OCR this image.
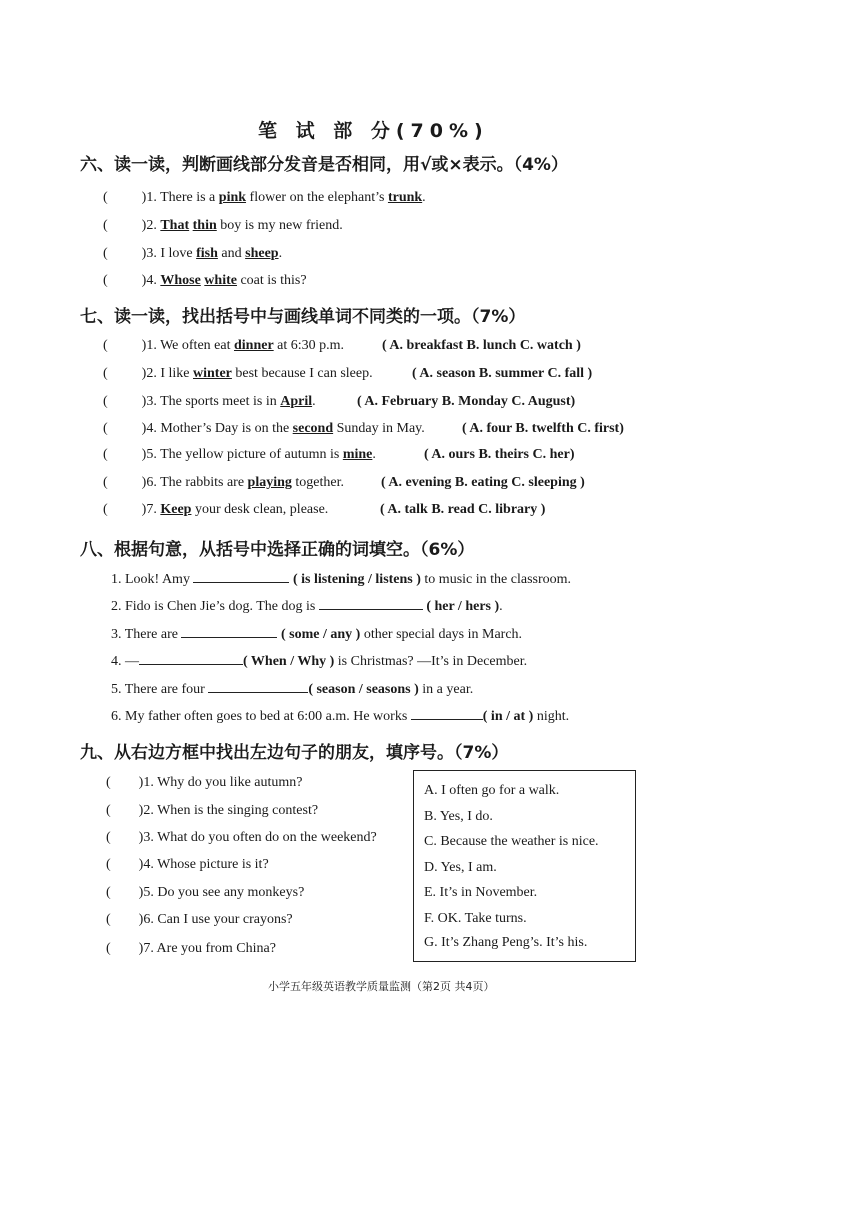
笔 试 部 分(70%)
六、读一读，判断画线部分发音是否相同，用√或×表示。（4%）
( )1. There is a pink flower on the elephant’s trunk.
( )2. That thin boy is my new friend.
( )3. I love fish and sheep.
( )4. Whose white coat is this?
七、读一读，找出括号中与画线单词不同类的一项。（7%）
( )1. We often eat dinner at 6:30 p.m.	( A. breakfast B. lunch C. watch )
( )2. I like winter best because I can sleep.	( A. season B. summer C. fall )
( )3. The sports meet is in April.	( A. February B. Monday C. August)
( )4. Mother’s Day is on the second Sunday in May.	( A. four B. twelfth C. first)
( )5. The yellow picture of autumn is mine.	( A. ours B. theirs C. her)
( )6. The rabbits are playing together.	( A. evening B. eating C. sleeping )
( )7. Keep your desk clean, please.	( A. talk B. read C. library )
八、根据句意，从括号中选择正确的词填空。（6%）
1. Look! Amy	( is listening / listens ) to music in the classroom.
2. Fido is Chen Jie’s dog. The dog is	( her / hers ).
3. There are	( some / any ) other special days in March.
4. —	( When / Why ) is Christmas? —It’s in December.
5. There are four	( season / seasons ) in a year.
6. My father often goes to bed at 6:00 a.m. He works	( in / at ) night.
九、从右边方框中找出左边句子的朋友，填序号。（7%）
( )1. Why do you like autumn?
( )2. When is the singing contest?
( )3. What do you often do on the weekend?
( )4. Whose picture is it?
( )5. Do you see any monkeys?
( )6. Can I use your crayons?
( )7. Are you from China?
A. I often go for a walk.
B. Yes, I do.
C. Because the weather is nice.
D. Yes, I am.
E. It’s in November.
F. OK. Take turns.
G. It’s Zhang Peng’s. It’s his.
小学五年级英语教学质量监测（第2页 共4页）
